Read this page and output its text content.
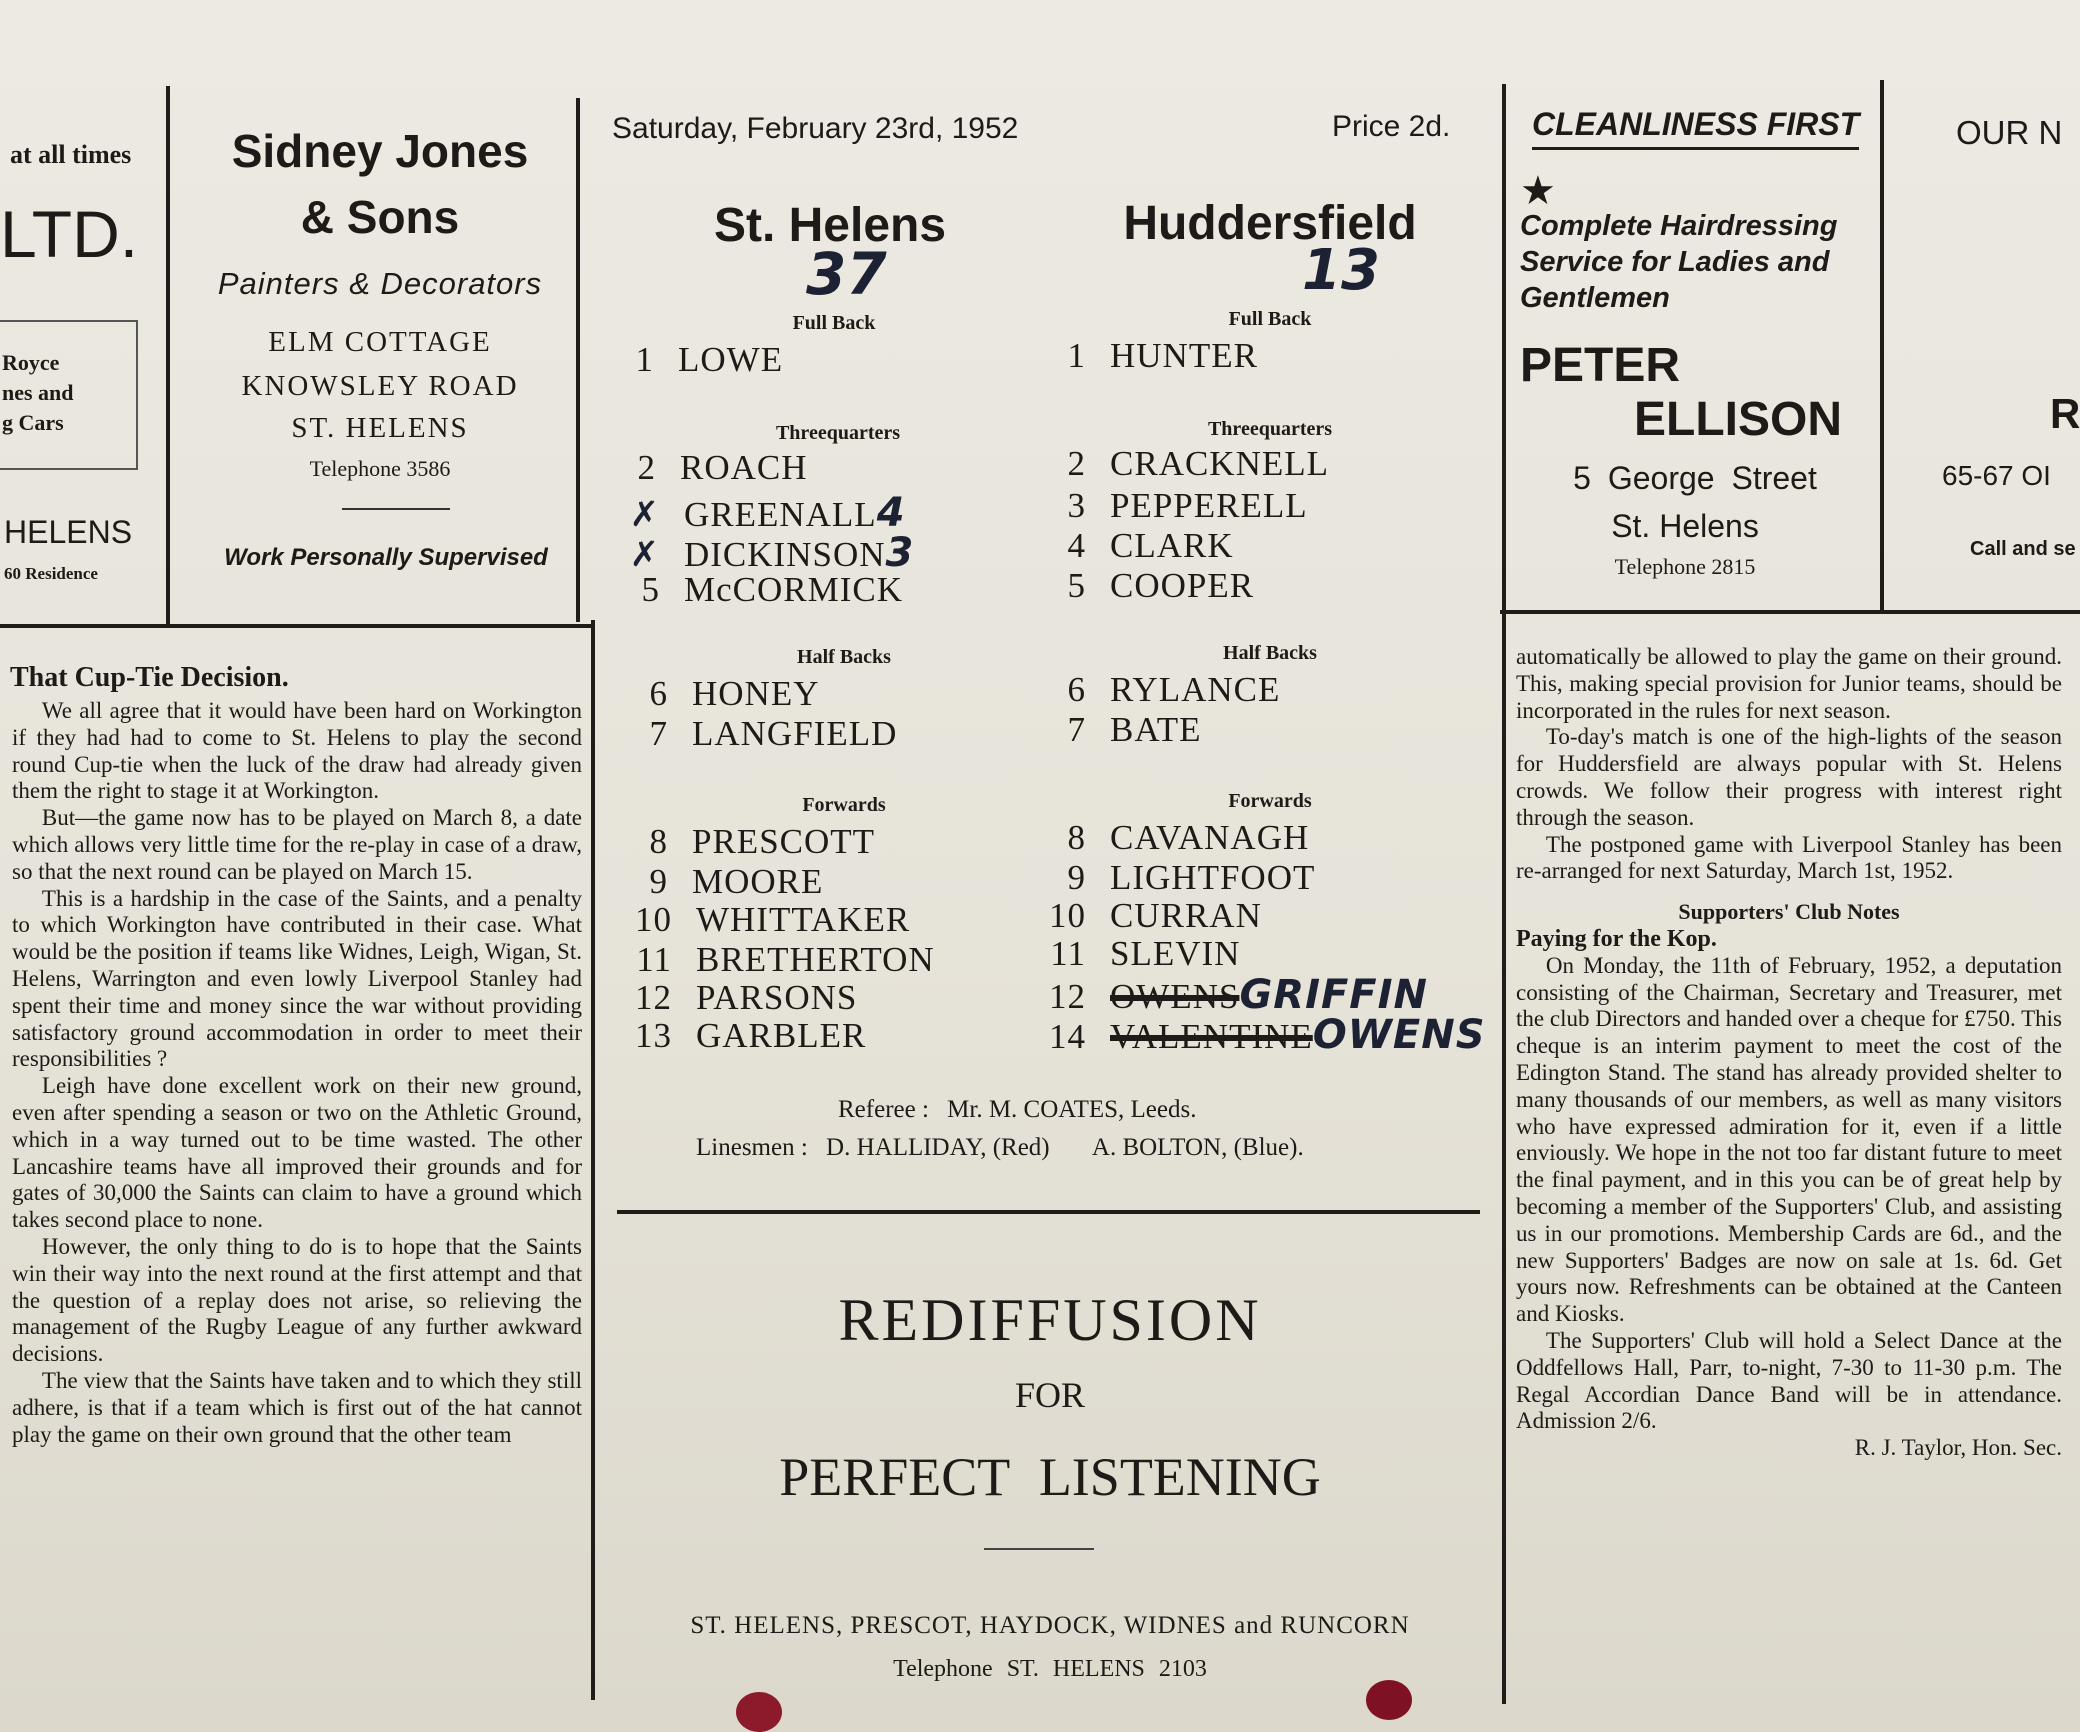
at all times
LTD.
Royce
nes and
g Cars
HELENS
60 Residence
Sidney Jones
& Sons
Painters & Decorators
ELM COTTAGE
KNOWSLEY ROAD
ST. HELENS
Telephone 3586
Work Personally Supervised
Saturday, February 23rd, 1952	Price 2d.
St. Helens	Huddersfield
37	13
Full Back
Threequarters
Half Backs
Forwards
Full Back
Threequarters
Half Backs
Forwards
1 LOWE
2 ROACH
✗ GREENALL4
✗ DICKINSON3
5 McCORMICK
6 HONEY
7 LANGFIELD
8 PRESCOTT
9 MOORE
10 WHITTAKER
11 BRETHERTON
12 PARSONS
13 GARBLER
1 HUNTER
2 CRACKNELL
3 PEPPERELL
4 CLARK
5 COOPER
6 RYLANCE
7 BATE
8 CAVANAGH
9 LIGHTFOOT
10 CURRAN
11 SLEVIN
12 OWENSGRIFFIN
14 VALENTINEOWENS
Referee : Mr. M. COATES, Leeds.
Linesmen : D. HALLIDAY, (Red) A. BOLTON, (Blue).
REDIFFUSION
FOR
PERFECT LISTENING
ST. HELENS, PRESCOT, HAYDOCK, WIDNES and RUNCORN
Telephone ST. HELENS 2103
CLEANLINESS FIRST
★
Complete Hairdressing Service for Ladies and Gentlemen
PETER
ELLISON
5 George Street
St. Helens
Telephone 2815
OUR N
R
65-67 OI
Call and se
That Cup-Tie Decision.

We all agree that it would have been hard on Workington if they had had to come to St. Helens to play the second round Cup-tie when the luck of the draw had already given them the right to stage it at Workington.

But—the game now has to be played on March 8, a date which allows very little time for the re-play in case of a draw, so that the next round can be played on March 15.

This is a hardship in the case of the Saints, and a penalty to which Workington have contributed in their case. What would be the position if teams like Widnes, Leigh, Wigan, St. Helens, Warrington and even lowly Liverpool Stanley had spent their time and money since the war without providing satisfactory ground accommodation in order to meet their responsibilities ?

Leigh have done excellent work on their new ground, even after spending a season or two on the Athletic Ground, which in a way turned out to be time wasted. The other Lancashire teams have all improved their grounds and for gates of 30,000 the Saints can claim to have a ground which takes second place to none.

However, the only thing to do is to hope that the Saints win their way into the next round at the first attempt and that the question of a replay does not arise, so relieving the management of the Rugby League of any further awkward decisions.

The view that the Saints have taken and to which they still adhere, is that if a team which is first out of the hat cannot play the game on their own ground that the other team

automatically be allowed to play the game on their ground. This, making special provision for Junior teams, should be incorporated in the rules for next season.

To-day's match is one of the high-lights of the season for Huddersfield are always popular with St. Helens crowds. We follow their progress with interest right through the season.

The postponed game with Liverpool Stanley has been re-arranged for next Saturday, March 1st, 1952.

Supporters' Club Notes
Paying for the Kop.

On Monday, the 11th of February, 1952, a deputation consisting of the Chairman, Secretary and Treasurer, met the club Directors and handed over a cheque for £750. This cheque is an interim payment to meet the cost of the Edington Stand. The stand has already provided shelter to many thousands of our members, as well as many visitors who have expressed admiration for it, even if a little enviously. We hope in the not too far distant future to meet the final payment, and in this you can be of great help by becoming a member of the Supporters' Club, and assisting us in our promotions. Membership Cards are 6d., and the new Supporters' Badges are now on sale at 1s. 6d. Get yours now. Refreshments can be obtained at the Canteen and Kiosks.

The Supporters' Club will hold a Select Dance at the Oddfellows Hall, Parr, to-night, 7-30 to 11-30 p.m. The Regal Accordian Dance Band will be in attendance. Admission 2/6.

R. J. Taylor, Hon. Sec.
